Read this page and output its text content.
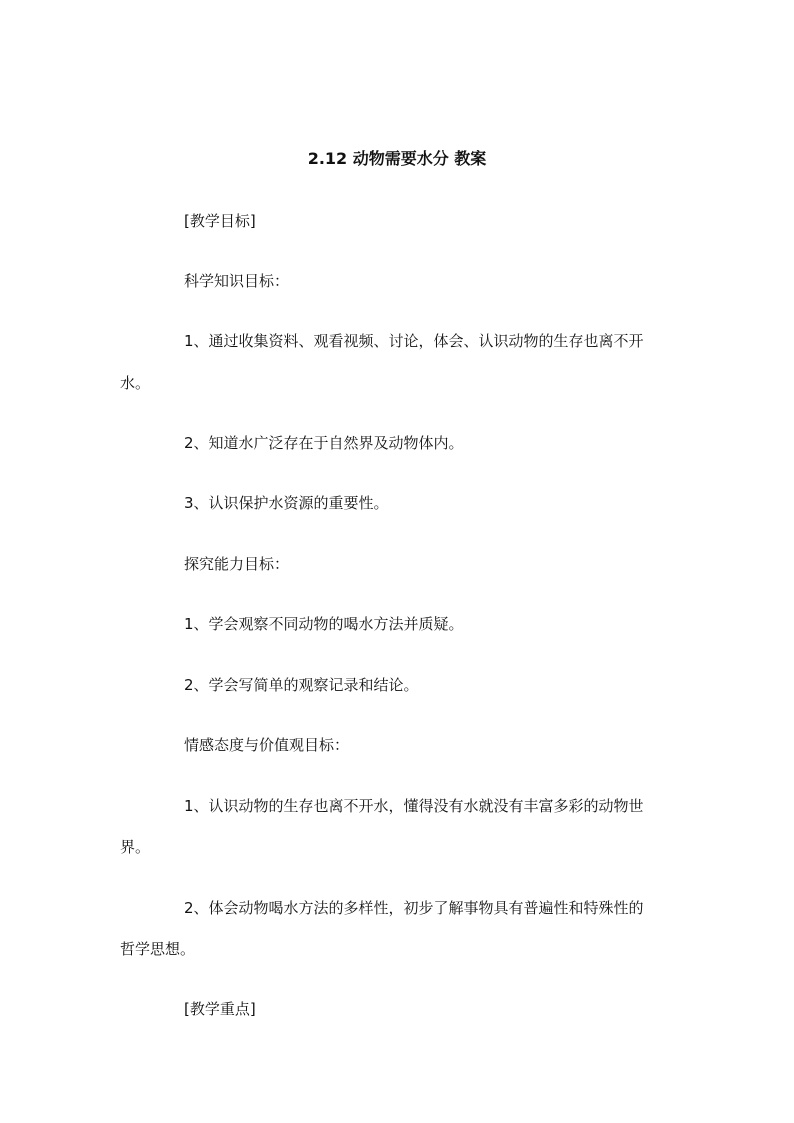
2.12 动物需要水分 教案
[教学目标]
科学知识目标：
1、通过收集资料、观看视频、讨论，体会、认识动物的生存也离不开
水。
2、知道水广泛存在于自然界及动物体内。
3、认识保护水资源的重要性。
探究能力目标：
1、学会观察不同动物的喝水方法并质疑。
2、学会写简单的观察记录和结论。
情感态度与价值观目标：
1、认识动物的生存也离不开水，懂得没有水就没有丰富多彩的动物世
界。
2、体会动物喝水方法的多样性，初步了解事物具有普遍性和特殊性的
哲学思想。
[教学重点]
